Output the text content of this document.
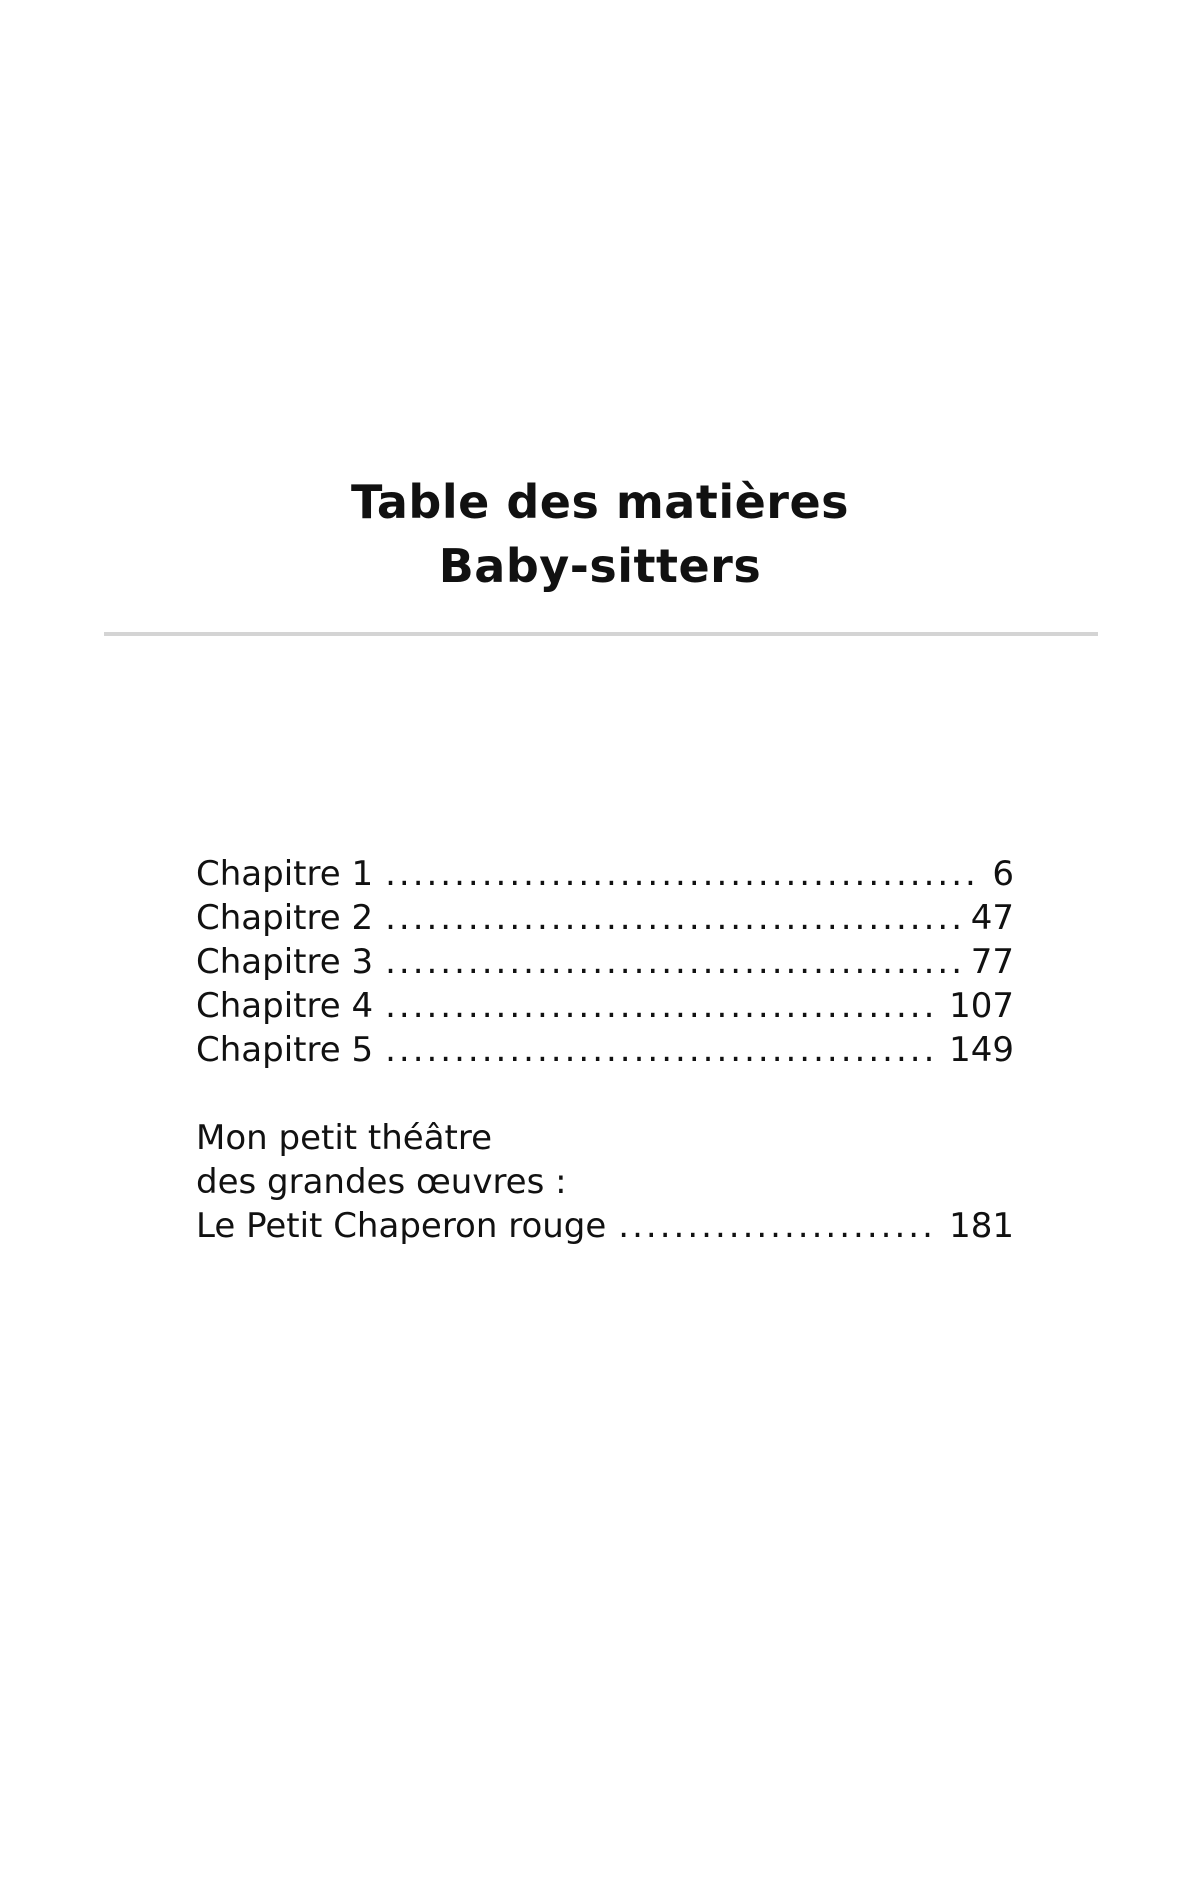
Table des matières
Baby-sitters
Chapitre 1 .....	6
Chapitre 2 .....	47
Chapitre 3 .....	77
Chapitre 4 .....	107
Chapitre 5 .....	149
Mon petit théâtre
des grandes œuvres :
Le Petit Chaperon rouge .....	181
